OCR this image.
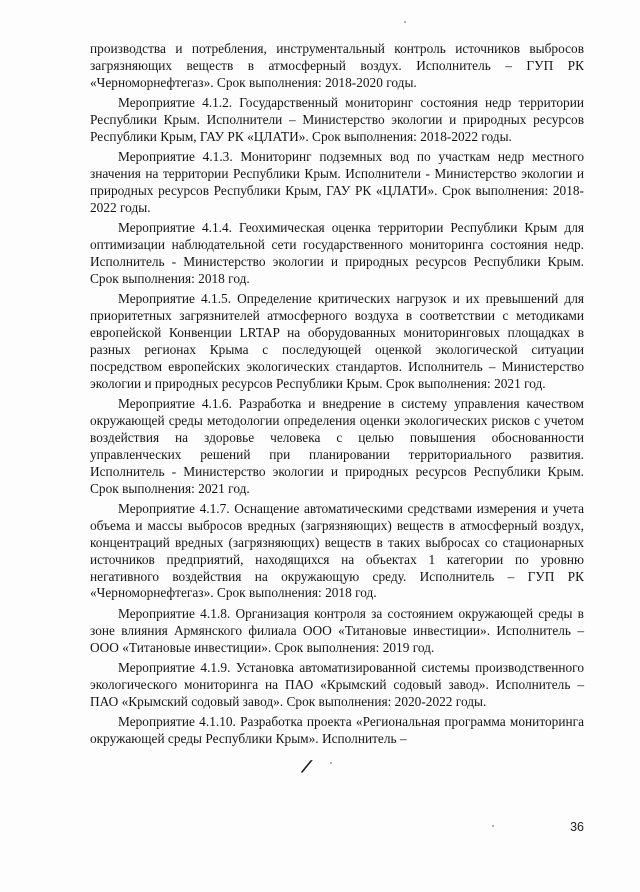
производства и потребления, инструментальный контроль источников выбросов загрязняющих веществ в атмосферный воздух. Исполнитель – ГУП РК «Черноморнефтегаз». Срок выполнения: 2018-2020 годы.

Мероприятие 4.1.2. Государственный мониторинг состояния недр территории Республики Крым. Исполнители – Министерство экологии и природных ресурсов Республики Крым, ГАУ РК «ЦЛАТИ». Срок выполнения: 2018-2022 годы.

Мероприятие 4.1.3. Мониторинг подземных вод по участкам недр местного значения на территории Республики Крым. Исполнители - Министерство экологии и природных ресурсов Республики Крым, ГАУ РК «ЦЛАТИ». Срок выполнения: 2018-2022 годы.

Мероприятие 4.1.4. Геохимическая оценка территории Республики Крым для оптимизации наблюдательной сети государственного мониторинга состояния недр. Исполнитель - Министерство экологии и природных ресурсов Республики Крым. Срок выполнения: 2018 год.

Мероприятие 4.1.5. Определение критических нагрузок и их превышений для приоритетных загрязнителей атмосферного воздуха в соответствии с методиками европейской Конвенции LRTAP на оборудованных мониторинговых площадках в разных регионах Крыма с последующей оценкой экологической ситуации посредством европейских экологических стандартов. Исполнитель – Министерство экологии и природных ресурсов Республики Крым. Срок выполнения: 2021 год.

Мероприятие 4.1.6. Разработка и внедрение в систему управления качеством окружающей среды методологии определения оценки экологических рисков с учетом воздействия на здоровье человека с целью повышения обоснованности управленческих решений при планировании территориального развития. Исполнитель - Министерство экологии и природных ресурсов Республики Крым. Срок выполнения: 2021 год.

Мероприятие 4.1.7. Оснащение автоматическими средствами измерения и учета объема и массы выбросов вредных (загрязняющих) веществ в атмосферный воздух, концентраций вредных (загрязняющих) веществ в таких выбросах со стационарных источников предприятий, находящихся на объектах 1 категории по уровню негативного воздействия на окружающую среду. Исполнитель – ГУП РК «Черноморнефтегаз». Срок выполнения: 2018 год.

Мероприятие 4.1.8. Организация контроля за состоянием окружающей среды в зоне влияния Армянского филиала ООО «Титановые инвестиции». Исполнитель – ООО «Титановые инвестиции». Срок выполнения: 2019 год.

Мероприятие 4.1.9. Установка автоматизированной системы производственного экологического мониторинга на ПАО «Крымский содовый завод». Исполнитель – ПАО «Крымский содовый завод». Срок выполнения: 2020-2022 годы.

Мероприятие 4.1.10. Разработка проекта «Региональная программа мониторинга окружающей среды Республики Крым». Исполнитель –

36
